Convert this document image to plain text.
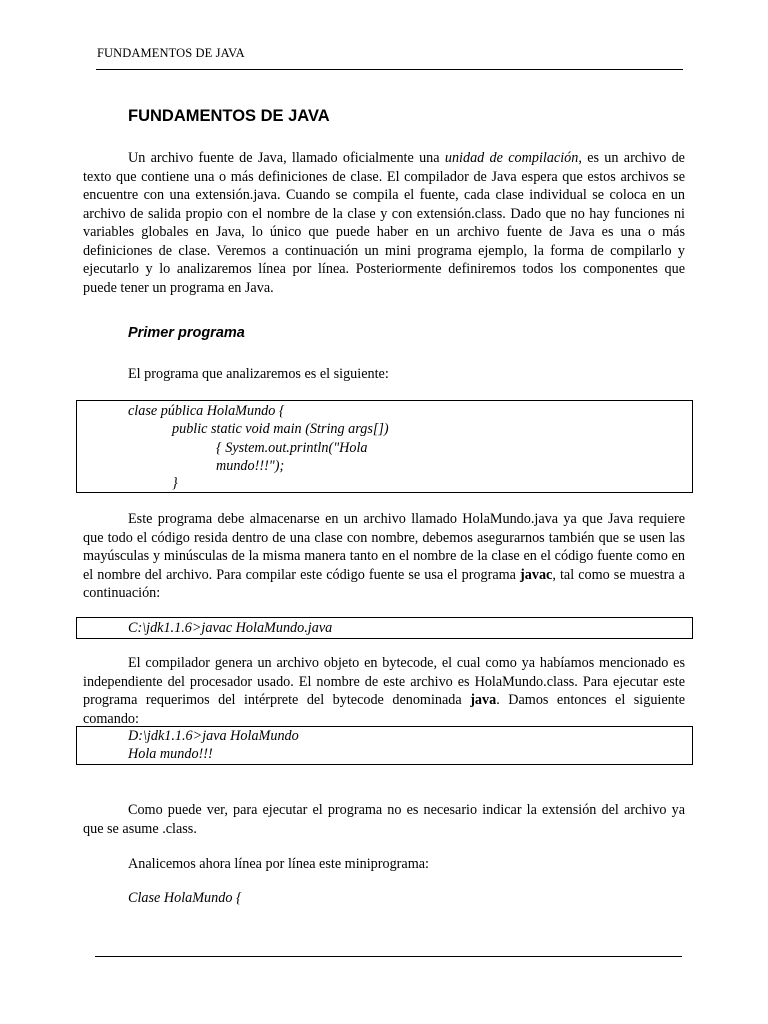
FUNDAMENTOS DE JAVA
FUNDAMENTOS DE JAVA

Un archivo fuente de Java, llamado oficialmente una unidad de compilación, es un archivo de texto que contiene una o más definiciones de clase. El compilador de Java espera que estos archivos se encuentre con una extensión.java. Cuando se compila el fuente, cada clase individual se coloca en un archivo de salida propio con el nombre de la clase y con extensión.class. Dado que no hay funciones ni variables globales en Java, lo único que puede haber en un archivo fuente de Java es una o más definiciones de clase. Veremos a continuación un mini programa ejemplo, la forma de compilarlo y ejecutarlo y lo analizaremos línea por línea. Posteriormente definiremos todos los componentes que puede tener un programa en Java.

Primer programa
El programa que analizaremos es el siguiente:
clase pública HolaMundo {
public static void main (String args[])
{ System.out.println("Hola
mundo!!!");
}

Este programa debe almacenarse en un archivo llamado HolaMundo.java ya que Java requiere que todo el código resida dentro de una clase con nombre, debemos asegurarnos también que se usen las mayúsculas y minúsculas de la misma manera tanto en el nombre de la clase en el código fuente como en el nombre del archivo. Para compilar este código fuente se usa el programa javac, tal como se muestra a continuación:

C:\jdk1.1.6>javac HolaMundo.java

El compilador genera un archivo objeto en bytecode, el cual como ya habíamos mencionado es independiente del procesador usado. El nombre de este archivo es HolaMundo.class. Para ejecutar este programa requerimos del intérprete del bytecode denominada java. Damos entonces el siguiente comando:

D:\jdk1.1.6>java HolaMundo
Hola mundo!!!

Como puede ver, para ejecutar el programa no es necesario indicar la extensión del archivo ya que se asume .class.

Analicemos ahora línea por línea este miniprograma:
Clase HolaMundo {
